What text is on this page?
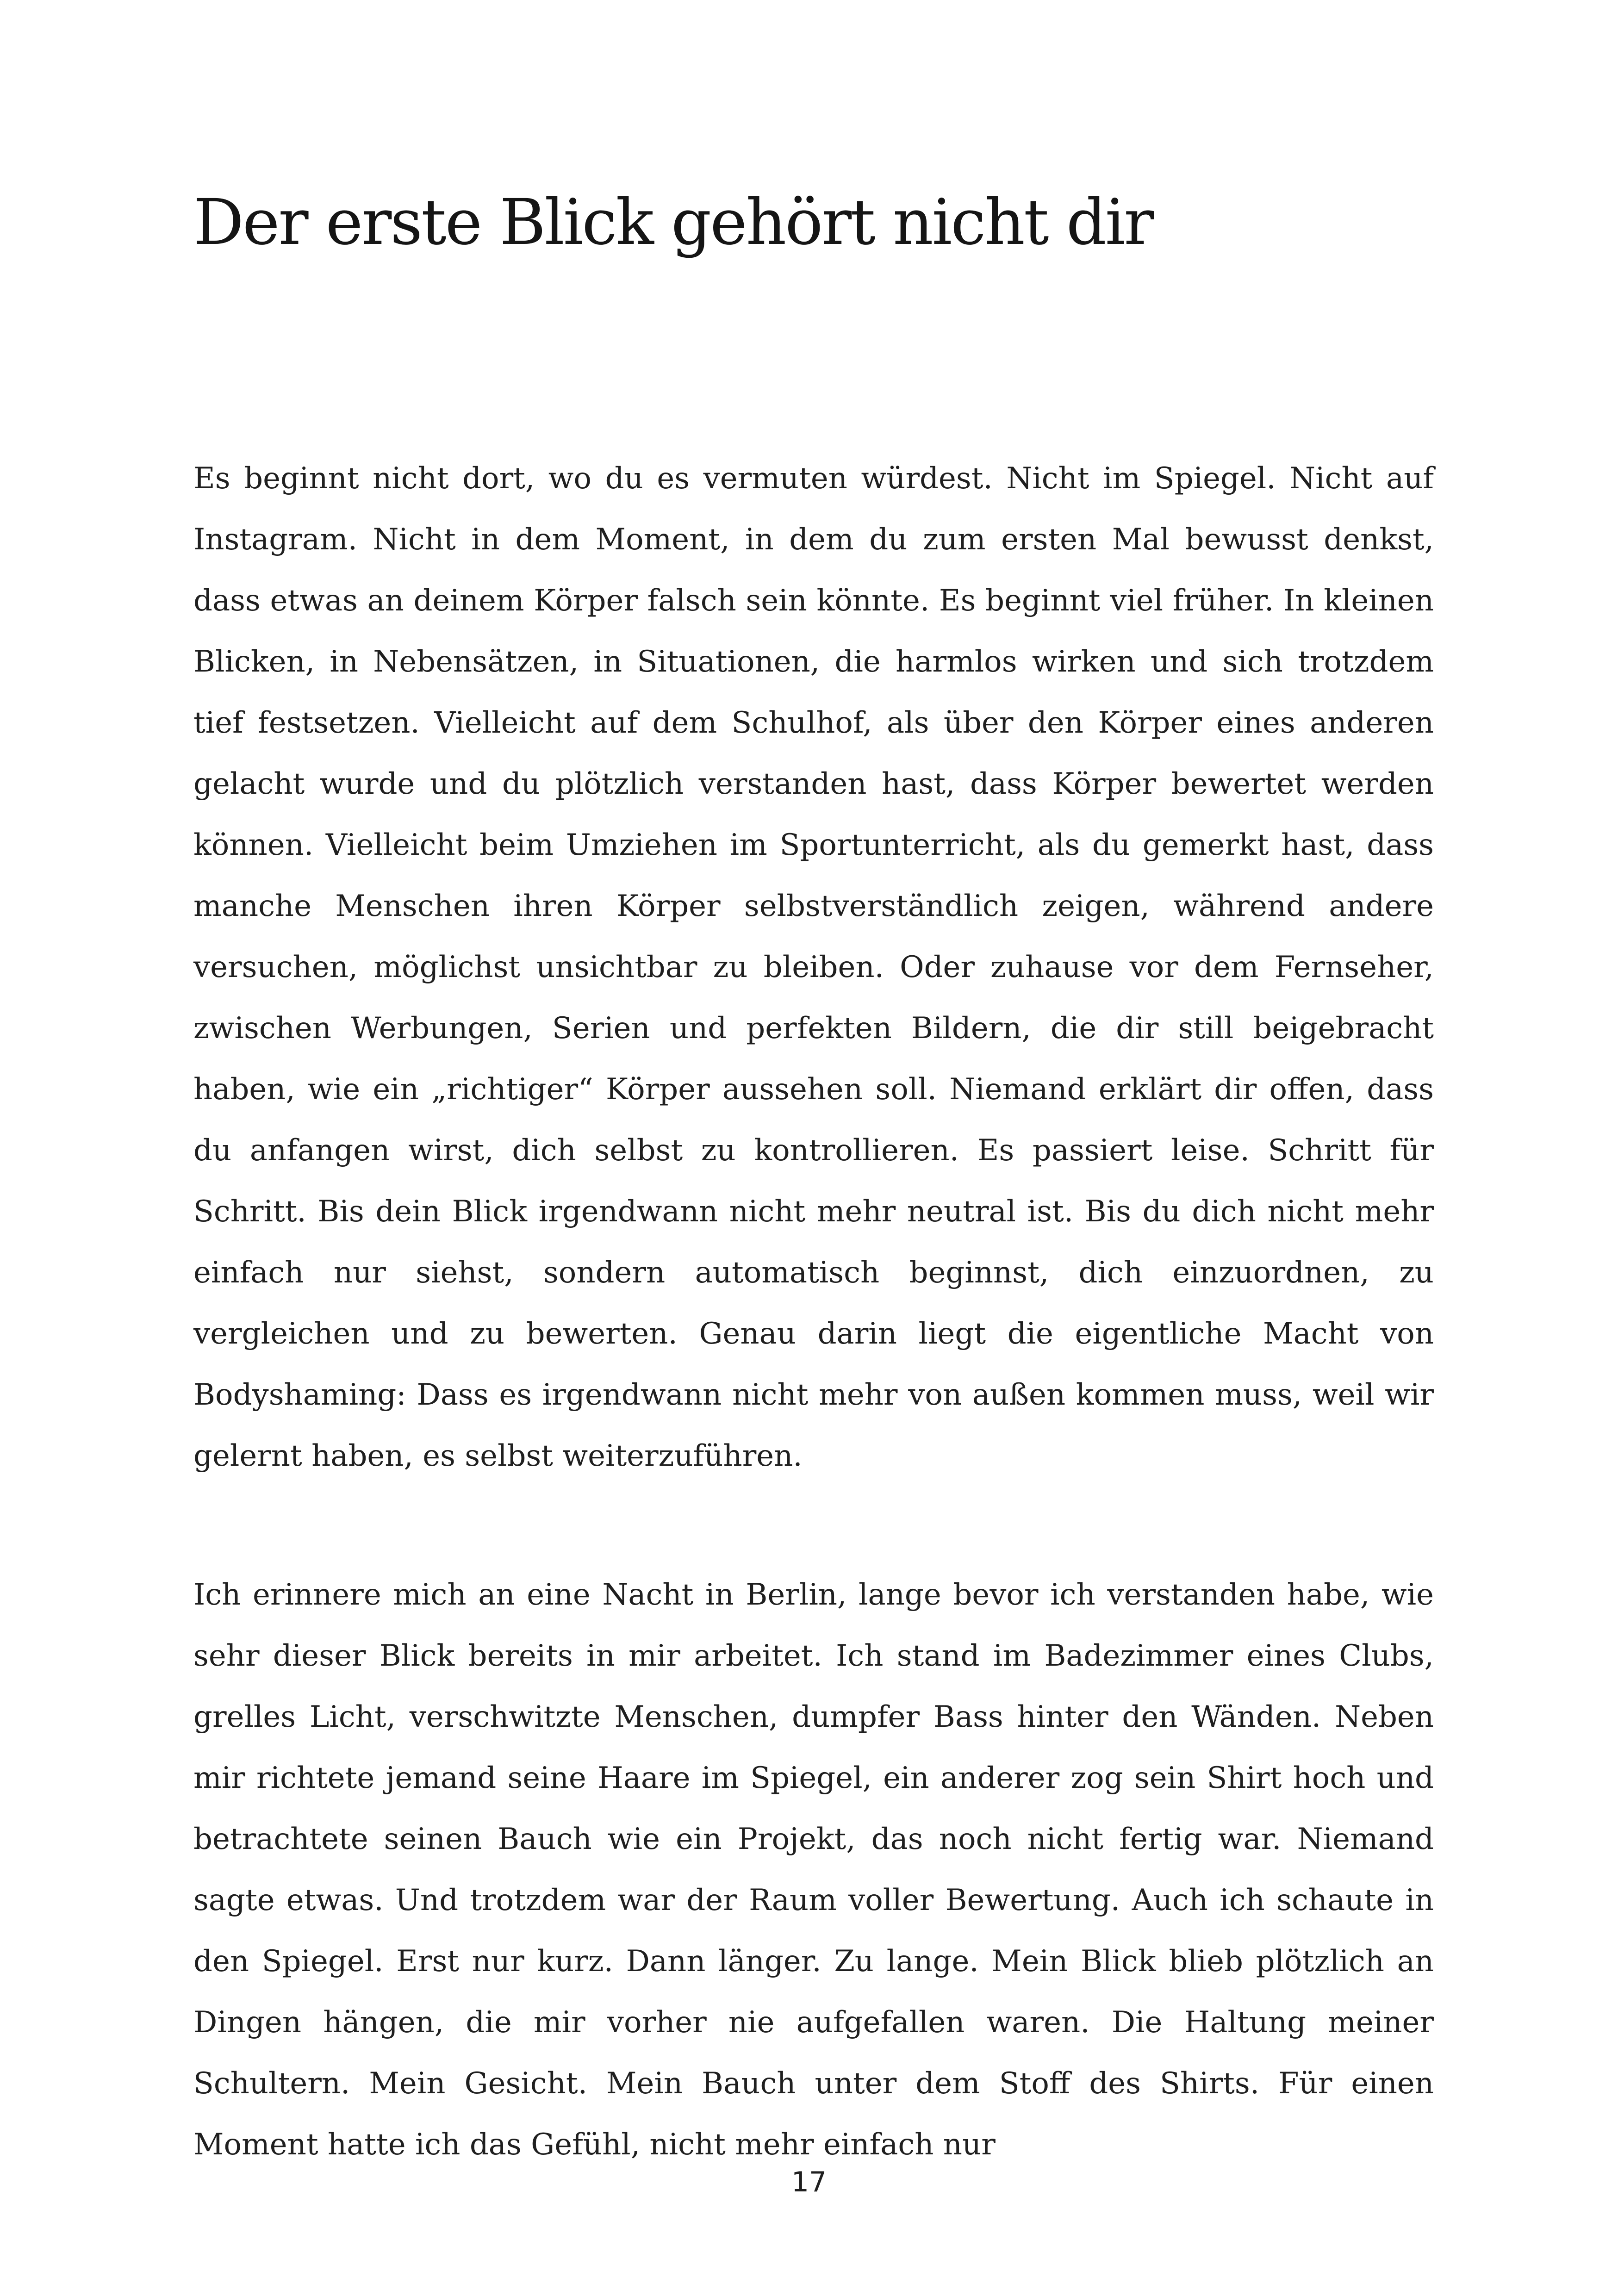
Der erste Blick gehört nicht dir

Es beginnt nicht dort, wo du es vermuten würdest. Nicht im Spiegel. Nicht auf Instagram. Nicht in dem Moment, in dem du zum ersten Mal bewusst denkst, dass etwas an deinem Körper falsch sein könnte. Es beginnt viel früher. In kleinen Blicken, in Nebensätzen, in Situationen, die harmlos wirken und sich trotzdem tief festsetzen. Vielleicht auf dem Schulhof, als über den Körper eines anderen gelacht wurde und du plötzlich verstanden hast, dass Körper bewertet werden können. Vielleicht beim Umziehen im Sportunterricht, als du gemerkt hast, dass manche Menschen ihren Körper selbstverständlich zeigen, während andere versuchen, möglichst unsichtbar zu bleiben. Oder zuhause vor dem Fernseher, zwischen Werbungen, Serien und perfekten Bildern, die dir still beigebracht haben, wie ein „richtiger“ Körper aussehen soll. Niemand erklärt dir offen, dass du anfangen wirst, dich selbst zu kontrollieren. Es passiert leise. Schritt für Schritt. Bis dein Blick irgendwann nicht mehr neutral ist. Bis du dich nicht mehr einfach nur siehst, sondern automatisch beginnst, dich einzuordnen, zu vergleichen und zu bewerten. Genau darin liegt die eigentliche Macht von Bodyshaming: Dass es irgendwann nicht mehr von außen kommen muss, weil wir gelernt haben, es selbst weiterzuführen.

Ich erinnere mich an eine Nacht in Berlin, lange bevor ich verstanden habe, wie sehr dieser Blick bereits in mir arbeitet. Ich stand im Badezimmer eines Clubs, grelles Licht, verschwitzte Menschen, dumpfer Bass hinter den Wänden. Neben mir richtete jemand seine Haare im Spiegel, ein anderer zog sein Shirt hoch und betrachtete seinen Bauch wie ein Projekt, das noch nicht fertig war. Niemand sagte etwas. Und trotzdem war der Raum voller Bewertung. Auch ich schaute in den Spiegel. Erst nur kurz. Dann länger. Zu lange. Mein Blick blieb plötzlich an Dingen hängen, die mir vorher nie aufgefallen waren. Die Haltung meiner Schultern. Mein Gesicht. Mein Bauch unter dem Stoff des Shirts. Für einen Moment hatte ich das Gefühl, nicht mehr einfach nur

17
